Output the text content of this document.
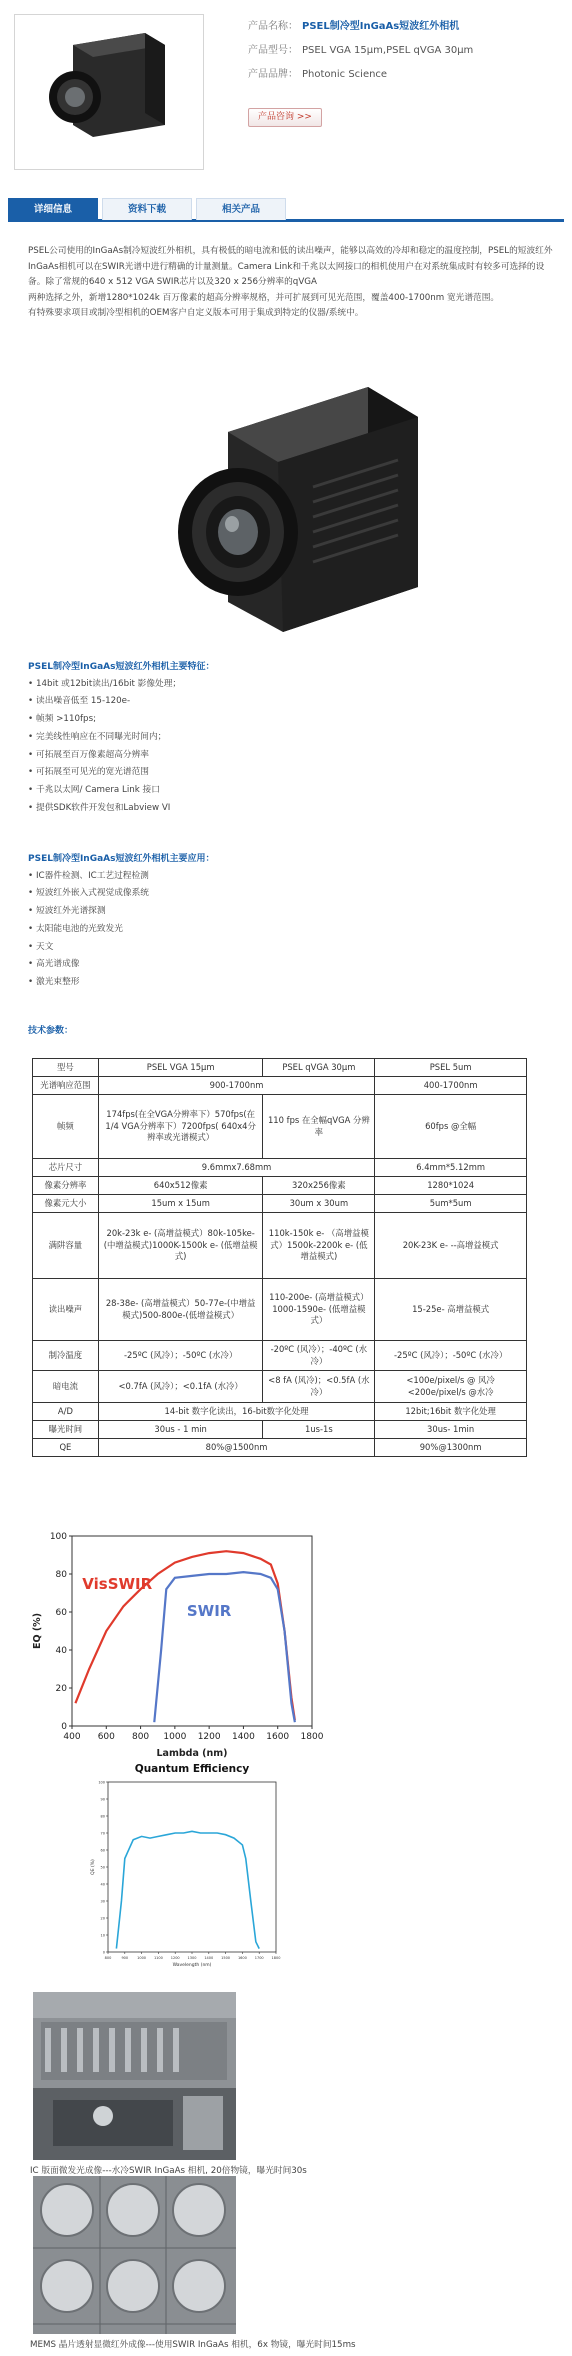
产品名称： PSEL制冷型InGaAs短波红外相机
产品型号： PSEL VGA 15μm,PSEL qVGA 30μm
产品品牌： Photonic Science
产品咨询 >>
详细信息	资料下载	相关产品

PSEL公司使用的InGaAs制冷短波红外相机，具有极低的暗电流和低的读出噪声，能够以高效的冷却和稳定的温度控制，PSEL的短波红外InGaAs相机可以在SWIR光谱中进行精确的计量测量。Camera Link和千兆以太网接口的相机使用户在对系统集成时有较多可选择的设备。除了常规的640 x 512 VGA SWIR芯片以及320 x 256分辨率的qVGA

两种选择之外，新增1280*1024k 百万像素的超高分辨率规格，并可扩展到可见光范围，覆盖400-1700nm 宽光谱范围。

有特殊要求项目或制冷型相机的OEM客户自定义版本可用于集成到特定的仪器/系统中。

PSEL制冷型InGaAs短波红外相机主要特征：

• 14bit 或12bit读出/16bit 影像处理；
• 读出噪音低至 15-120e-
• 帧频 >110fps;
• 完美线性响应在不同曝光时间内；
• 可拓展至百万像素超高分辨率
• 可拓展至可见光的宽光谱范围
• 千兆以太网/ Camera Link 接口
• 提供SDK软件开发包和Labview VI

PSEL制冷型InGaAs短波红外相机主要应用：

• IC器件检测、IC工艺过程检测
• 短波红外嵌入式视觉成像系统
• 短波红外光谱探测
• 太阳能电池的光致发光
• 天文
• 高光谱成像
• 激光束整形

技术参数：

型号	PSEL VGA 15μm	PSEL qVGA 30μm	PSEL 5um
光谱响应范围	900-1700nm		400-1700nm
帧频	174fps(在全VGA分辨率下）570fps(在1/4 VGA分辨率下）7200fps( 640x4分辨率或光谱模式）	110 fps 在全幅qVGA 分辨率	60fps @全幅
芯片尺寸	9.6mmx7.68mm		6.4mm*5.12mm
像素分辨率	640x512像素	320x256像素	1280*1024
像素元大小	15um x 15um	30um x 30um	5um*5um
满阱容量	20k-23k e- (高增益模式）80k-105ke-(中增益模式)1000K-1500k e- (低增益模式)	110k-150k e- （高增益模式）1500k-2200k e- (低增益模式)	20K-23K e- --高增益模式
读出噪声	28-38e- (高增益模式）50-77e-(中增益模式)500-800e-(低增益模式）	110-200e- (高增益模式）1000-1590e- (低增益模式）	15-25e- 高增益模式
制冷温度	-25ºC (风冷）；-50ºC (水冷）	-20ºC (风冷）；-40ºC (水冷）	-25ºC (风冷）；-50ºC (水冷）
暗电流	<0.7fA (风冷）；<0.1fA (水冷）	<8 fA (风冷)；<0.5fA (水冷）	<100e/pixel/s @ 风冷<200e/pixel/s @水冷
A/D	14-bit 数字化读出，16-bit数字化处理		12bit;16bit 数字化处理
曝光时间	30us - 1 min	1us-1s	30us- 1min
QE	80%@1500nm		90%@1300nm
400 600 800 1000 1200 1400 1600 1800
0
20
40
60
80
100
Lambda (nm)
EQ (%)
VisSWIR
SWIR
Quantum Efficiency
0
10
20
30
40
50
60
70
80
90
100
800	900	1000 1100 1200 1300 1400 1500 1600 1700 1800
Wavelength (nm)
QE (%)
IC 版面微发光成像---水冷SWIR InGaAs 相机, 20倍物镜，曝光时间30s
MEMS 晶片透射显微红外成像---使用SWIR InGaAs 相机，6x 物镜，曝光时间15ms
